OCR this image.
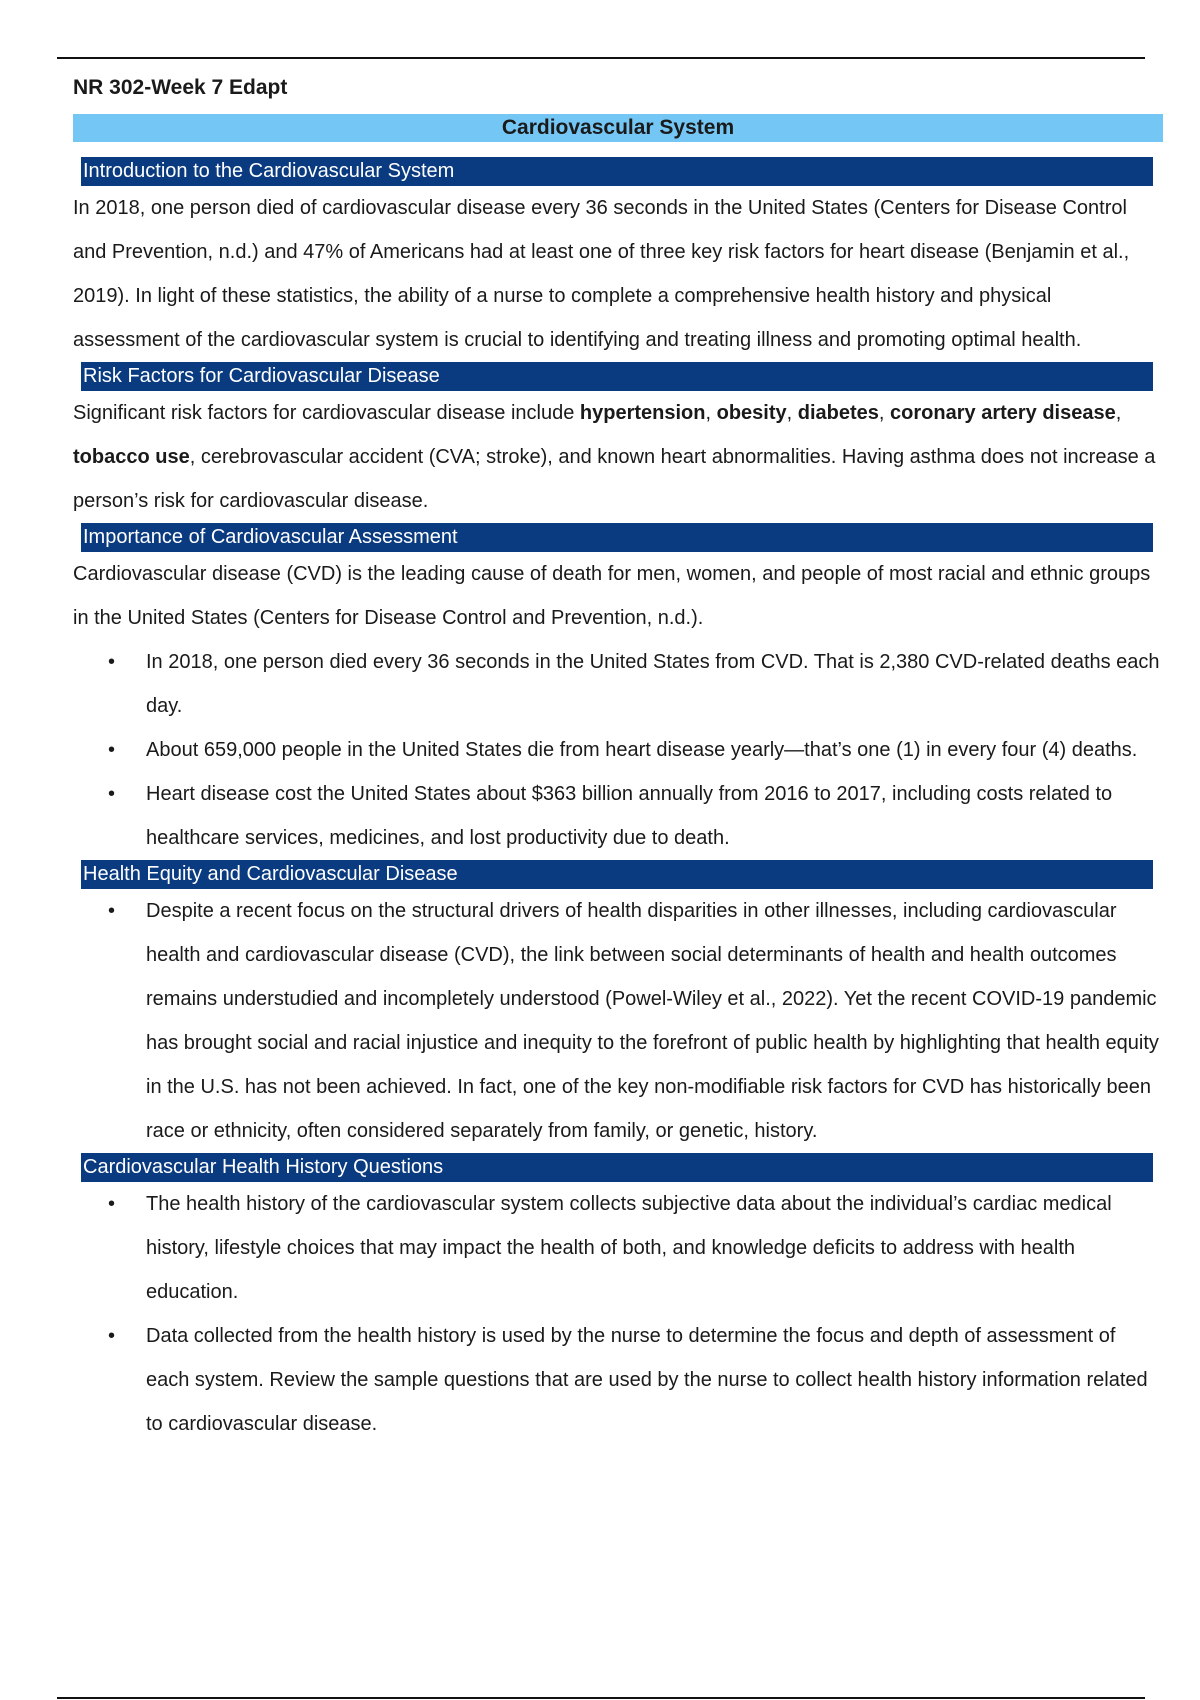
NR 302-Week 7 Edapt
Cardiovascular System
Introduction to the Cardiovascular System

In 2018, one person died of cardiovascular disease every 36 seconds in the United States (Centers for Disease Control and Prevention, n.d.) and 47% of Americans had at least one of three key risk factors for heart disease (Benjamin et al., 2019). In light of these statistics, the ability of a nurse to complete a comprehensive health history and physical assessment of the cardiovascular system is crucial to identifying and treating illness and promoting optimal health.

Risk Factors for Cardiovascular Disease

Significant risk factors for cardiovascular disease include hypertension, obesity, diabetes, coronary artery disease, tobacco use, cerebrovascular accident (CVA; stroke), and known heart abnormalities. Having asthma does not increase a person’s risk for cardiovascular disease.

Importance of Cardiovascular Assessment

Cardiovascular disease (CVD) is the leading cause of death for men, women, and people of most racial and ethnic groups in the United States (Centers for Disease Control and Prevention, n.d.).

• In 2018, one person died every 36 seconds in the United States from CVD. That is 2,380 CVD-related deaths each day.
• About 659,000 people in the United States die from heart disease yearly—that’s one (1) in every four (4) deaths.
• Heart disease cost the United States about $363 billion annually from 2016 to 2017, including costs related to healthcare services, medicines, and lost productivity due to death.
Health Equity and Cardiovascular Disease
• Despite a recent focus on the structural drivers of health disparities in other illnesses, including cardiovascular health and cardiovascular disease (CVD), the link between social determinants of health and health outcomes remains understudied and incompletely understood (Powel-Wiley et al., 2022). Yet the recent COVID-19 pandemic has brought social and racial injustice and inequity to the forefront of public health by highlighting that health equity in the U.S. has not been achieved. In fact, one of the key non-modifiable risk factors for CVD has historically been race or ethnicity, often considered separately from family, or genetic, history.
Cardiovascular Health History Questions
• The health history of the cardiovascular system collects subjective data about the individual’s cardiac medical history, lifestyle choices that may impact the health of both, and knowledge deficits to address with health education.
• Data collected from the health history is used by the nurse to determine the focus and depth of assessment of each system. Review the sample questions that are used by the nurse to collect health history information related to cardiovascular disease.
